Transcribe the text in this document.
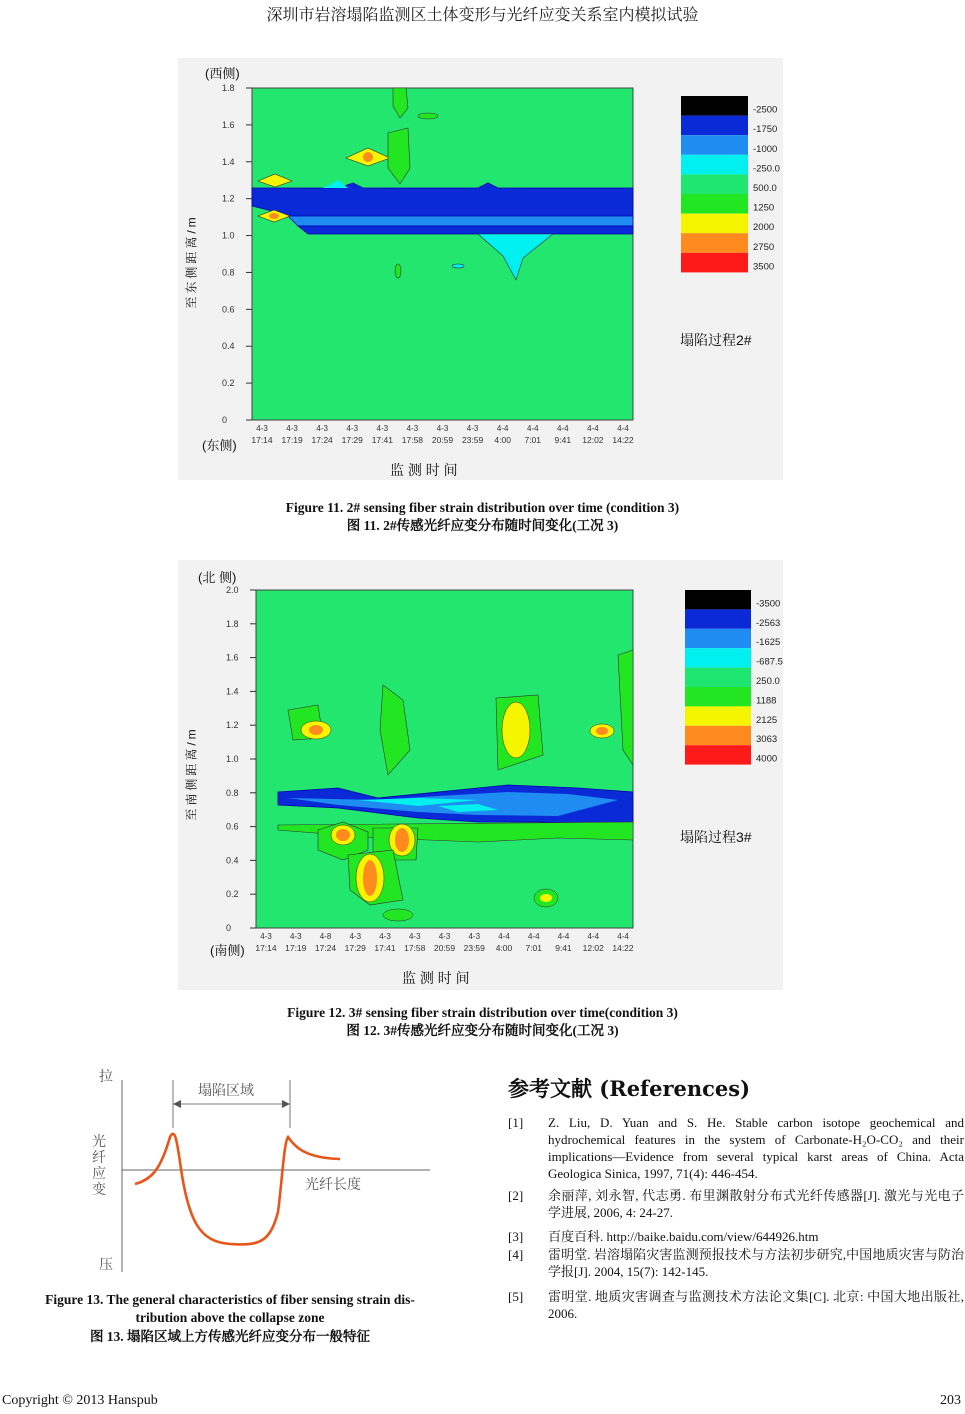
深圳市岩溶塌陷监测区土体变形与光纤应变关系室内模拟试验
1.8
1.6
1.4
1.2
1.0
0.8
0.6
0.4
0.2
0
4-3
17:14
4-3
17:19
4-3
17:24
4-3
17:29
4-3
17:41
4-3
17:58
4-3
20:59
4-3
23:59
4-4
4:00
4-4
7:01
4-4
9:41
4-4
12:02
4-4
14:22
-2500
-1750
-1000
-250.0
500.0
1250
2000
2750
3500
(西侧)
(东侧)
至东侧距离/m
监 测 时 间
塌陷过程2#
Figure 11. 2# sensing fiber strain distribution over time (condition 3)
图 11. 2#传感光纤应变分布随时间变化(工况 3)
2.0
1.8
1.6
1.4
1.2
1.0
0.8
0.6
0.4
0.2
0
4-3
17:14
4-3
17:19
4-8
17:24
4-3
17:29
4-3
17:41
4-3
17:58
4-3
20:59
4-3
23:59
4-4
4:00
4-4
7:01
4-4
9:41
4-4
12:02
4-4
14:22
-3500
-2563
-1625
-687.5
250.0
1188
2125
3063
4000
(北 侧)
(南侧)
至南侧距离/m
监 测 时 间
塌陷过程3#
Figure 12. 3# sensing fiber strain distribution over time(condition 3)
图 12. 3#传感光纤应变分布随时间变化(工况 3)
拉
压
光纤应变	光纤长度
塌陷区域
Figure 13. The general characteristics of fiber sensing strain dis-
tribution above the collapse zone
图 13. 塌陷区域上方传感光纤应变分布一般特征
参考文献 (References)
[1] Z. Liu, D. Yuan and S. He. Stable carbon isotope geochemical and hydrochemical features in the system of Carbonate-H₂O-CO₂ and their implications—Evidence from several typical karst areas of China. Acta Geologica Sinica, 1997, 71(4): 446-454.
[2] 余丽萍, 刘永智, 代志勇. 布里渊散射分布式光纤传感器[J]. 激光与光电子学进展, 2006, 4: 24-27.
[3] 百度百科. http://baike.baidu.com/view/644926.htm
[4] 雷明堂. 岩溶塌陷灾害监测预报技术与方法初步研究,中国地质灾害与防治学报[J]. 2004, 15(7): 142-145.
[5] 雷明堂. 地质灾害调查与监测技术方法论文集[C]. 北京: 中国大地出版社, 2006.
Copyright © 2013 Hanspub	203
